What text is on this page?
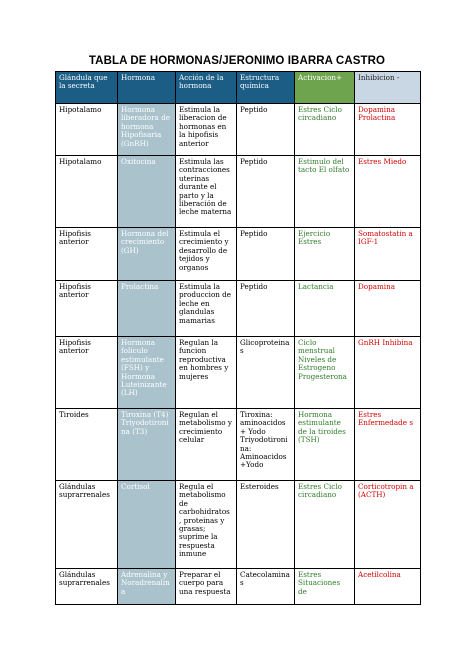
TABLA DE HORMONAS/JERONIMO IBARRA CASTRO
Glándula que la secreta	Hormona	Acción de la hormona	Estructura química	Activacion+	Inhibicion -
Hipotalamo	Hormona liberadora de hormona Hipofisaria (GnRH)	Estimula la liberacion de hormonas en la hipofisis anterior	Peptido	Estres Ciclo circadiano	Dopamina Prolactina
Hipotalamo	Oxitocina	Estimula las contracciones uterinas durante el parto y la liberación de leche materna	Peptido	Estimulo del tacto El olfato	Estres Miedo
Hipofisis anterior	Hormona del crecimiento (GH)	Estimula el crecimiento y desarrollo de tejidos y organos	Peptido	Ejercicio Estres	Somatostatin a IGF-1
Hipofisis anterior	Prolactina	Estimula la produccion de leche en glandulas mamarias	Peptido	Lactancia	Dopamina
Hipofisis anterior	Hormona folículo estimulante (FSH) y Hormona Luteinizante (LH)	Regulan la funcion reproductiva en hombres y mujeres	Glicoproteina s	Ciclo menstrual Niveles de Estrogeno Progesterona	GnRH Inhibina
Tiroides	Tiroxina (T4) Triyodotironi na (T3)	Regulan el metabolismo y crecimiento celular	Tiroxina: aminoacidos+ Yodo Triyodotironina: Aminoacidos +Yodo	Hormona estimulante de la tiroides (TSH)	Estres Enfermedade s
Glándulas suprarrenales	Cortisol	Regula el metabolismo de carbohidratos , proteinas y grasas; suprime la respuesta inmune	Esteroides	Estres Ciclo circadiano	Corticotropin a (ACTH)
Glándulas suprarrenales	Adrenalina y Noradrenalin a	Preparar el cuerpo para una respuesta	Catecolamina s	Estres Situaciones de	Acetilcolina
